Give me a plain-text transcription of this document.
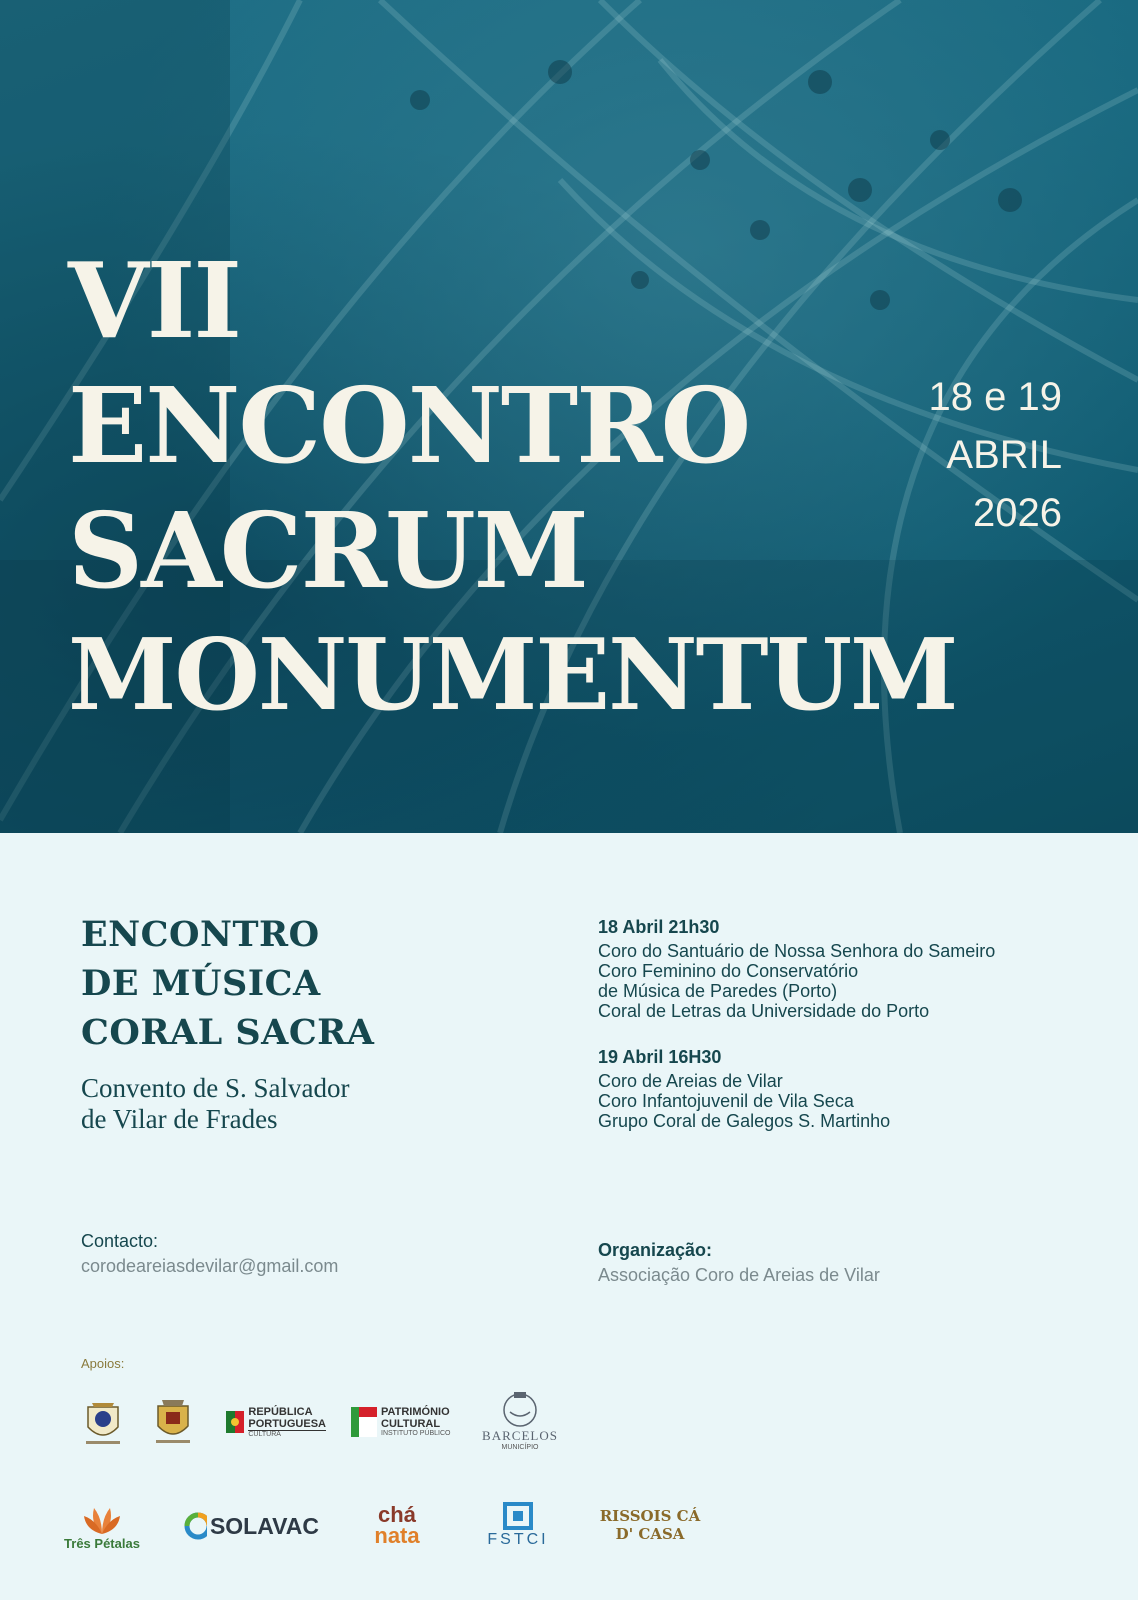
VII
ENCONTRO
SACRUM
MONUMENTUM
18 e 19
ABRIL
2026
ENCONTRO
DE MÚSICA
CORAL SACRA
Convento de S. Salvador
de Vilar de Frades
18 Abril 21h30
Coro do Santuário de Nossa Senhora do Sameiro
Coro Feminino do Conservatório
de Música de Paredes (Porto)
Coral de Letras da Universidade do Porto
19 Abril 16H30
Coro de Areias de Vilar
Coro Infantojuvenil de Vila Seca
Grupo Coral de Galegos S. Martinho
Contacto:
corodeareiasdevilar@gmail.com
Organização:
Associação Coro de Areias de Vilar
Apoios:
REPÚBLICA
PORTUGUESA
CULTURA
PATRIMÓNIO
CULTURAL
INSTITUTO PÚBLICO BARCELOS
MUNICÍPIO
Três Pétalas
SOLAVAC	chá
nata	FSTCI
RISSOIS CÁ
D' CASA
